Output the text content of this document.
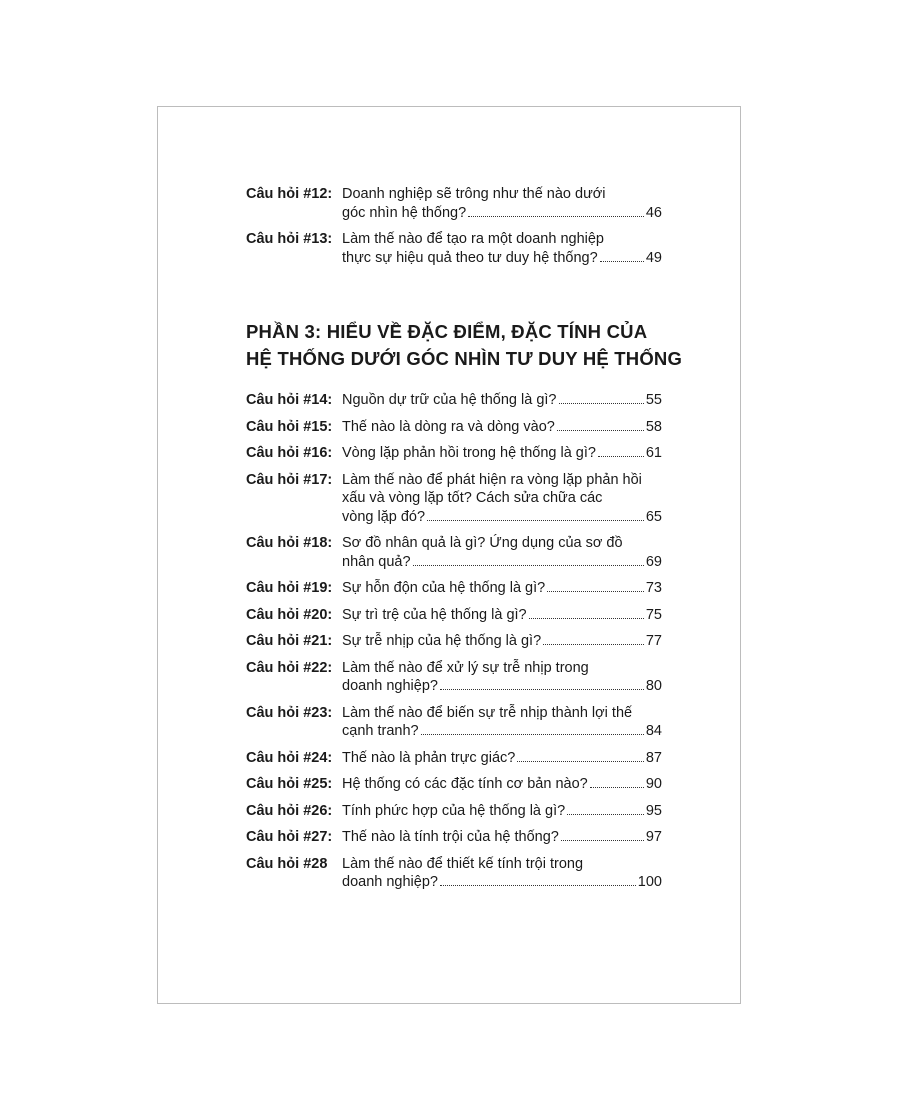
Câu hỏi #12: Doanh nghiệp sẽ trông như thế nào dưới
góc nhìn hệ thống?	46
Câu hỏi #13: Làm thế nào để tạo ra một doanh nghiệp
thực sự hiệu quả theo tư duy hệ thống?	49
PHẦN 3: HIỂU VỀ ĐẶC ĐIỂM, ĐẶC TÍNH CỦA
HỆ THỐNG DƯỚI GÓC NHÌN TƯ DUY HỆ THỐNG
Câu hỏi #14: Nguồn dự trữ của hệ thống là gì?	55
Câu hỏi #15: Thế nào là dòng ra và dòng vào?	58
Câu hỏi #16: Vòng lặp phản hồi trong hệ thống là gì?	61
Câu hỏi #17: Làm thế nào để phát hiện ra vòng lặp phản hồi
xấu và vòng lặp tốt? Cách sửa chữa các
vòng lặp đó?	65
Câu hỏi #18: Sơ đồ nhân quả là gì? Ứng dụng của sơ đồ
nhân quả?	69
Câu hỏi #19: Sự hỗn độn của hệ thống là gì?	73
Câu hỏi #20: Sự trì trệ của hệ thống là gì?	75
Câu hỏi #21: Sự trễ nhịp của hệ thống là gì?	77
Câu hỏi #22: Làm thế nào để xử lý sự trễ nhịp trong
doanh nghiệp?	80
Câu hỏi #23: Làm thế nào để biến sự trễ nhịp thành lợi thế
cạnh tranh?	84
Câu hỏi #24: Thế nào là phản trực giác?	87
Câu hỏi #25: Hệ thống có các đặc tính cơ bản nào?	90
Câu hỏi #26: Tính phức hợp của hệ thống là gì?	95
Câu hỏi #27: Thế nào là tính trội của hệ thống?	97
Câu hỏi #28	Làm thế nào để thiết kế tính trội trong
doanh nghiệp?	100
